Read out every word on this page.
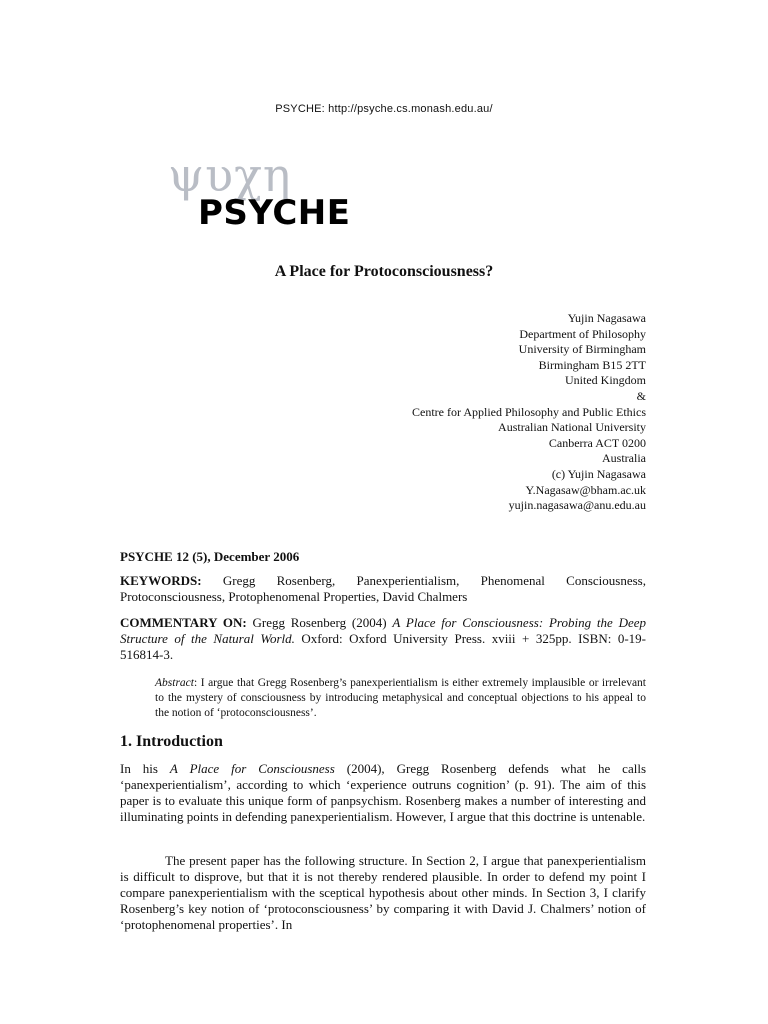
PSYCHE: http://psyche.cs.monash.edu.au/
ψυχη
PSYCHE
A Place for Protoconsciousness?
Yujin Nagasawa
Department of Philosophy
University of Birmingham
Birmingham B15 2TT
United Kingdom
&
Centre for Applied Philosophy and Public Ethics
Australian National University
Canberra ACT 0200
Australia
(c) Yujin Nagasawa
Y.Nagasaw@bham.ac.uk
yujin.nagasawa@anu.edu.au
PSYCHE 12 (5), December 2006
KEYWORDS: Gregg Rosenberg, Panexperientialism, Phenomenal Consciousness, Protoconsciousness, Protophenomenal Properties, David Chalmers
COMMENTARY ON: Gregg Rosenberg (2004) A Place for Consciousness: Probing the Deep Structure of the Natural World. Oxford: Oxford University Press. xviii + 325pp. ISBN: 0-19-516814-3.
Abstract: I argue that Gregg Rosenberg’s panexperientialism is either extremely implausible or irrelevant to the mystery of consciousness by introducing metaphysical and conceptual objections to his appeal to the notion of ‘protoconsciousness’.
1. Introduction
In his A Place for Consciousness (2004), Gregg Rosenberg defends what he calls ‘panexperientialism’, according to which ‘experience outruns cognition’ (p. 91). The aim of this paper is to evaluate this unique form of panpsychism. Rosenberg makes a number of interesting and illuminating points in defending panexperientialism. However, I argue that this doctrine is untenable.
The present paper has the following structure. In Section 2, I argue that panexperientialism is difficult to disprove, but that it is not thereby rendered plausible. In order to defend my point I compare panexperientialism with the sceptical hypothesis about other minds. In Section 3, I clarify Rosenberg’s key notion of ‘protoconsciousness’ by comparing it with David J. Chalmers’ notion of ‘protophenomenal properties’. In
